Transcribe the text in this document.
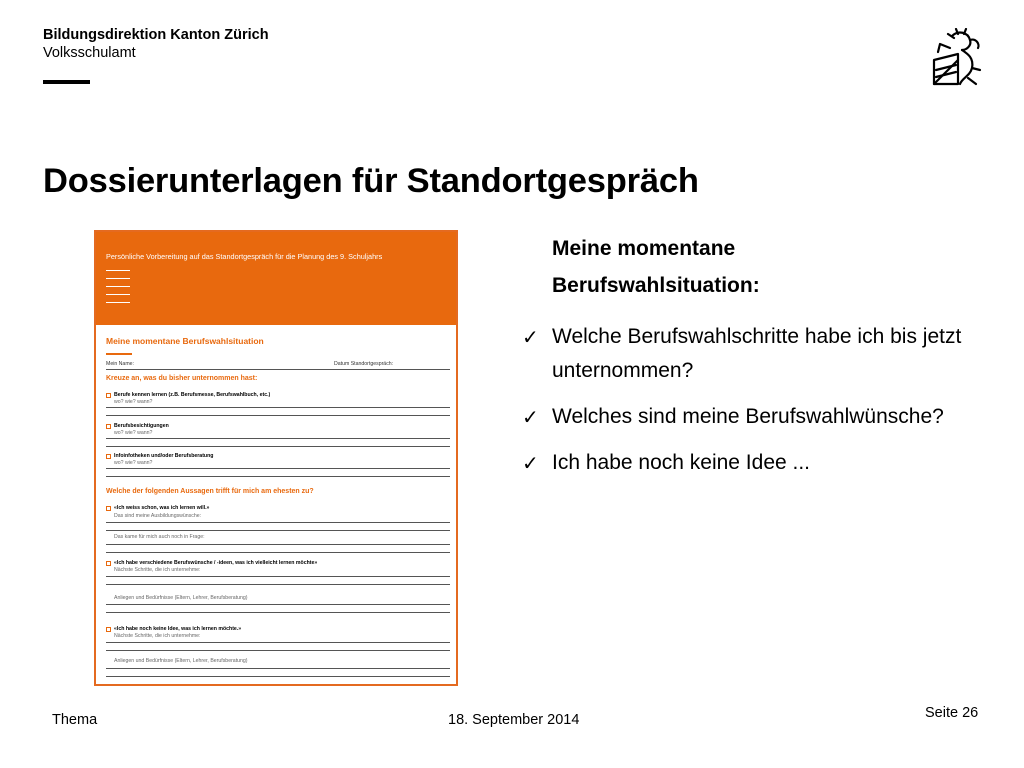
Bildungsdirektion Kanton Zürich
Volksschulamt
Dossierunterlagen für Standortgespräch
Persönliche Vorbereitung auf das Standortgespräch für die Planung des 9. Schuljahrs
Meine momentane Berufswahlsituation
Mein Name:	Datum Standortgespräch:
Kreuze an, was du bisher unternommen hast:
Berufe kennen lernen (z.B. Berufsmesse, Berufswahlbuch, etc.)
wo? wie? wann?
Berufsbesichtigungen
wo? wie? wann?
Infoinfotheken und/oder Berufsberatung
wo? wie? wann?
Welche der folgenden Aussagen trifft für mich am ehesten zu?
«Ich weiss schon, was ich lernen will.»
Das sind meine Ausbildungswünsche:
Das kame für mich auch noch in Frage:
«Ich habe verschiedene Berufswünsche / -ideen, was ich vielleicht lernen möchte»
Nächste Schritte, die ich unternehme:
Anliegen und Bedürfnisse (Eltern, Lehrer, Berufsberatung)
«Ich habe noch keine Idee, was ich lernen möchte.»
Nächste Schritte, die ich unternehme:
Anliegen und Bedürfnisse (Eltern, Lehrer, Berufsberatung)
Meine momentane Berufswahlsituation:
✓ Welche Berufswahlschritte habe ich bis jetzt unternommen?
✓ Welches sind meine Berufswahlwünsche?
✓ Ich habe noch keine Idee ...
Thema	18. September 2014	Seite 26
